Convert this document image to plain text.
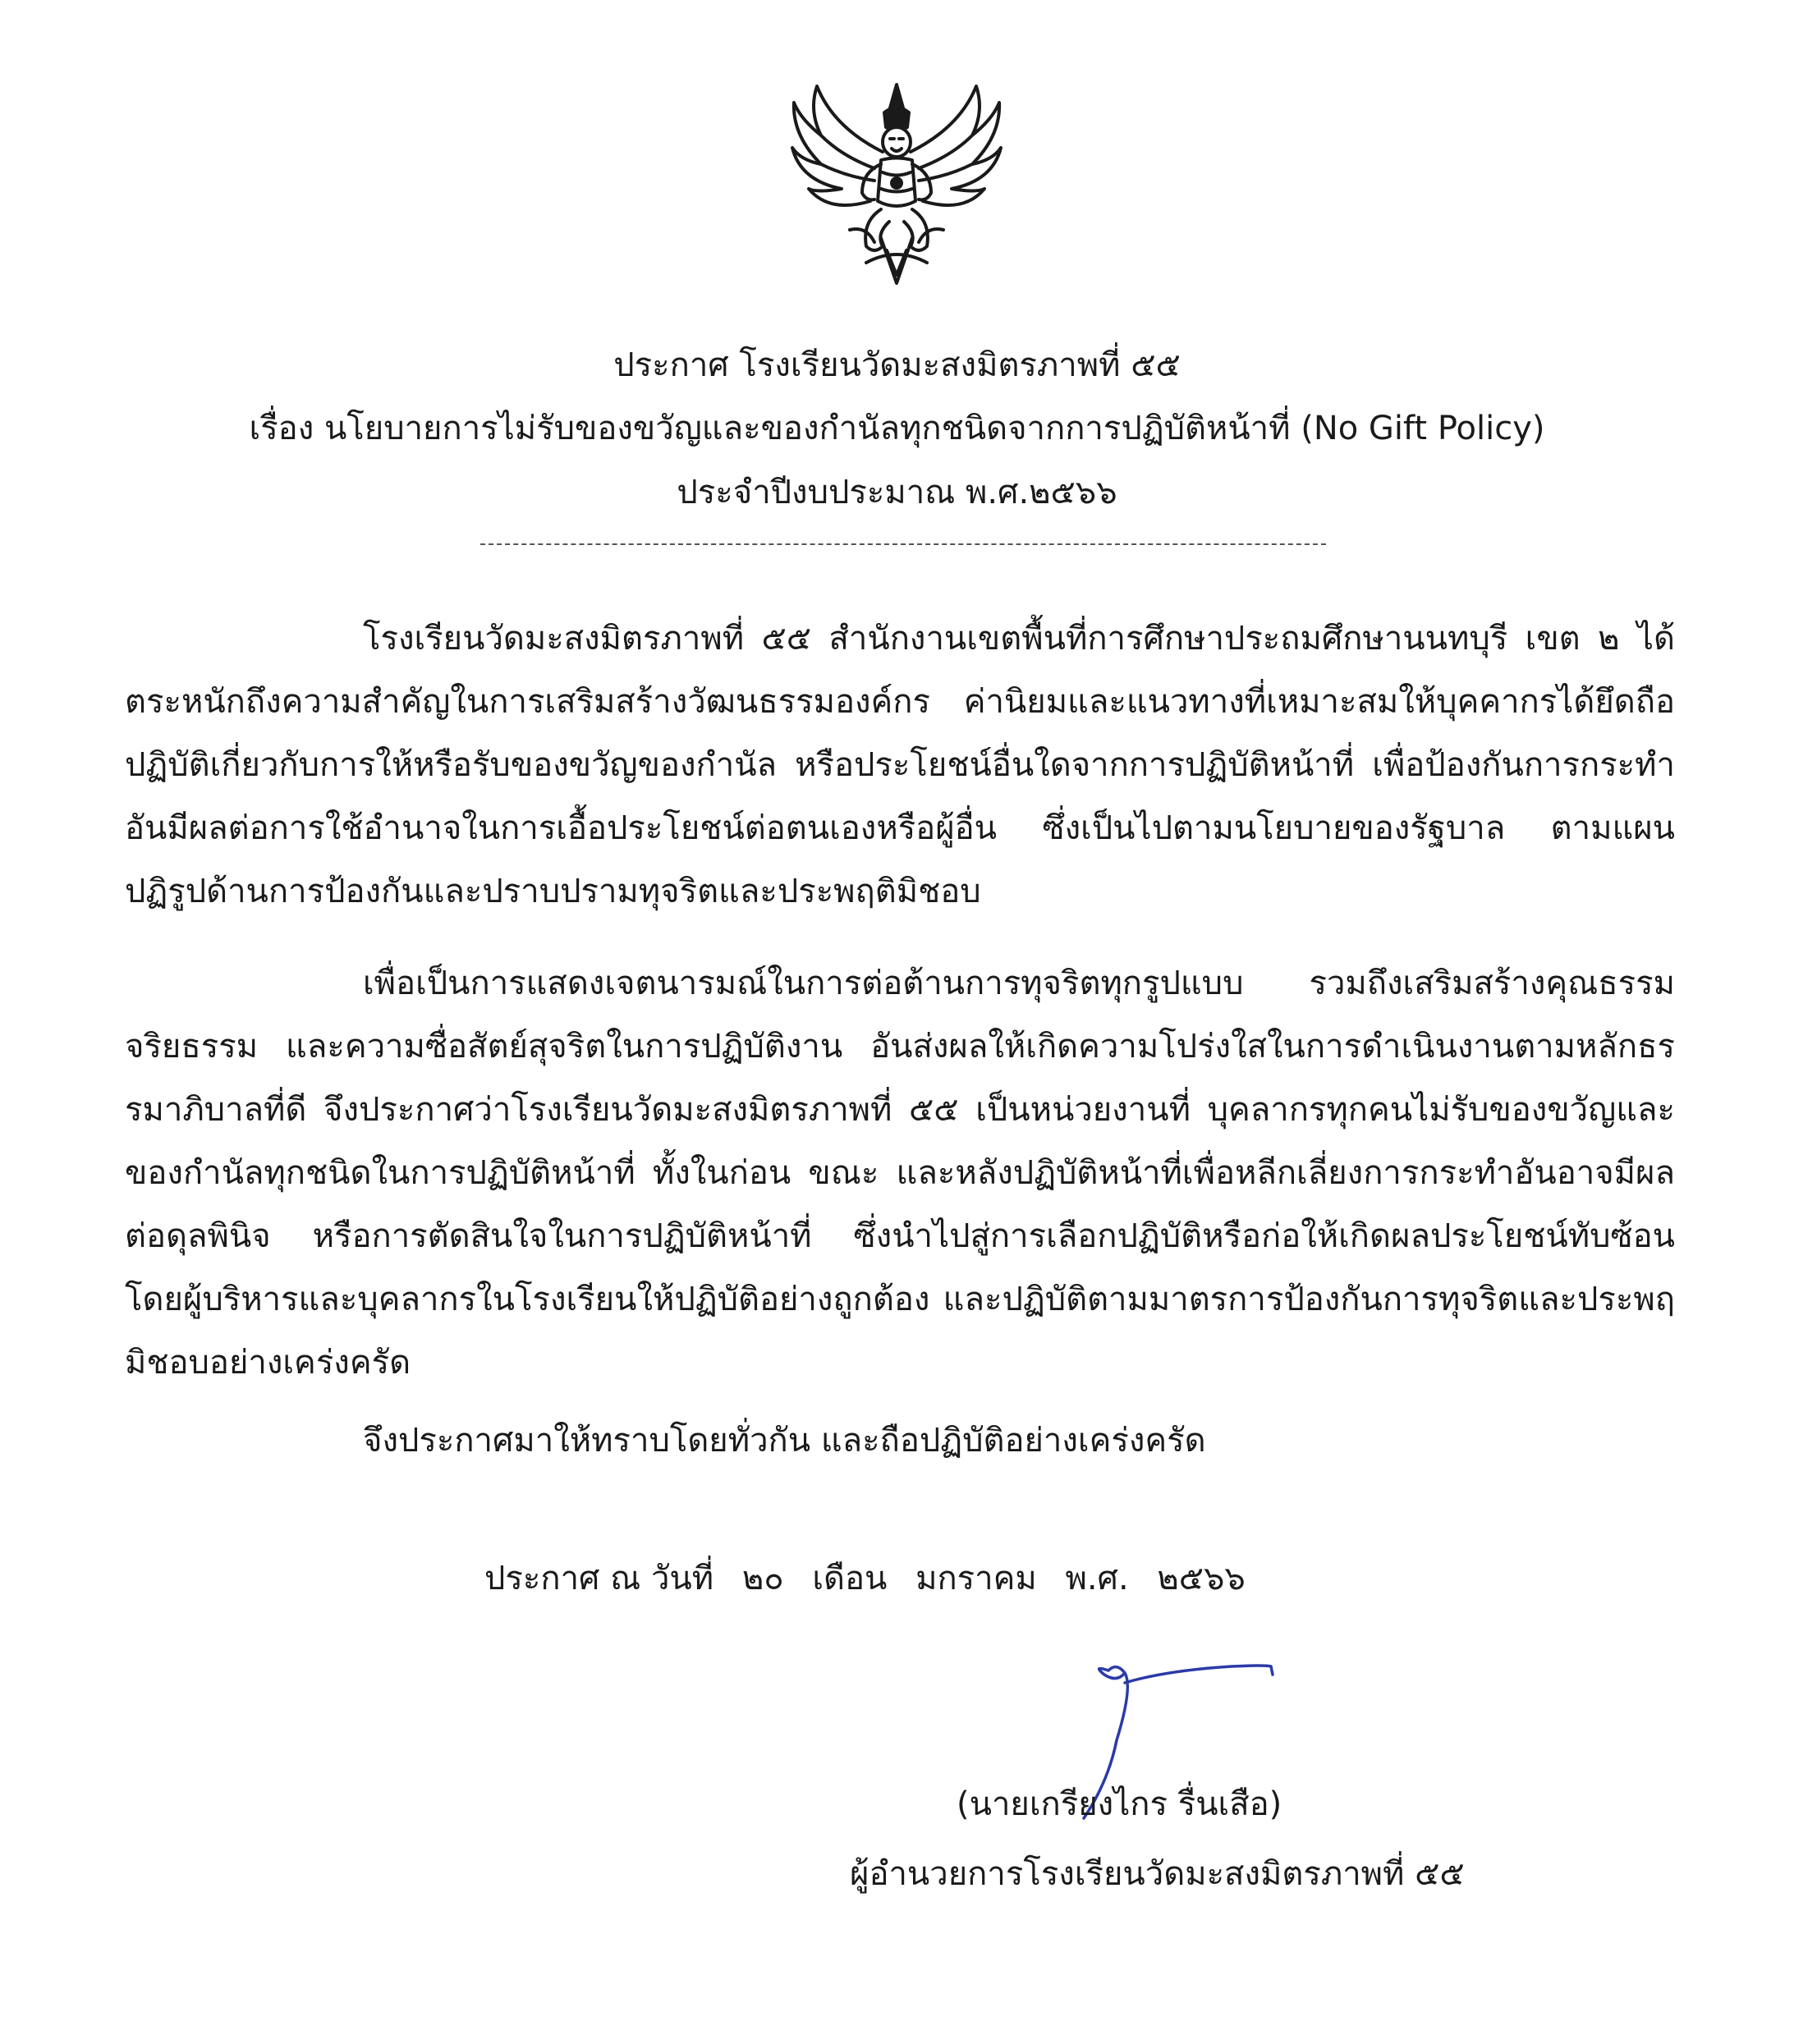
ประกาศ โรงเรียนวัดมะสงมิตรภาพที่ ๕๕
เรื่อง นโยบายการไม่รับของขวัญและของกำนัลทุกชนิดจากการปฏิบัติหน้าที่ (No Gift Policy)
ประจำปีงบประมาณ พ.ศ.๒๕๖๖

โรงเรียนวัดมะสงมิตรภาพที่ ๕๕ สำนักงานเขตพื้นที่การศึกษาประถมศึกษานนทบุรี เขต ๒ ได้ตระหนักถึงความสำคัญในการเสริมสร้างวัฒนธรรมองค์กร ค่านิยมและแนวทางที่เหมาะสมให้บุคคากรได้ยึดถือปฏิบัติเกี่ยวกับการให้หรือรับของขวัญของกำนัล หรือประโยชน์อื่นใดจากการปฏิบัติหน้าที่ เพื่อป้องกันการกระทำอันมีผลต่อการใช้อำนาจในการเอื้อประโยชน์ต่อตนเองหรือผู้อื่น ซึ่งเป็นไปตามนโยบายของรัฐบาล ตามแผนปฏิรูปด้านการป้องกันและปราบปรามทุจริตและประพฤติมิชอบ

เพื่อเป็นการแสดงเจตนารมณ์ในการต่อต้านการทุจริตทุกรูปแบบ รวมถึงเสริมสร้างคุณธรรมจริยธรรม และความซื่อสัตย์สุจริตในการปฏิบัติงาน อันส่งผลให้เกิดความโปร่งใสในการดำเนินงานตามหลักธรรมาภิบาลที่ดี จึงประกาศว่าโรงเรียนวัดมะสงมิตรภาพที่ ๕๕ เป็นหน่วยงานที่ บุคลากรทุกคนไม่รับของขวัญและของกำนัลทุกชนิดในการปฏิบัติหน้าที่ ทั้งในก่อน ขณะ และหลังปฏิบัติหน้าที่เพื่อหลีกเลี่ยงการกระทำอันอาจมีผลต่อดุลพินิจ หรือการตัดสินใจในการปฏิบัติหน้าที่ ซึ่งนำไปสู่การเลือกปฏิบัติหรือก่อให้เกิดผลประโยชน์ทับซ้อน โดยผู้บริหารและบุคลากรในโรงเรียนให้ปฏิบัติอย่างถูกต้อง และปฏิบัติตามมาตรการป้องกันการทุจริตและประพฤมิชอบอย่างเคร่งครัด

จึงประกาศมาให้ทราบโดยทั่วกัน และถือปฏิบัติอย่างเคร่งครัด
ประกาศ ณ วันที่ ๒๐ เดือน มกราคม พ.ศ. ๒๕๖๖
(นายเกรียงไกร รื่นเสือ)
ผู้อำนวยการโรงเรียนวัดมะสงมิตรภาพที่ ๕๕
